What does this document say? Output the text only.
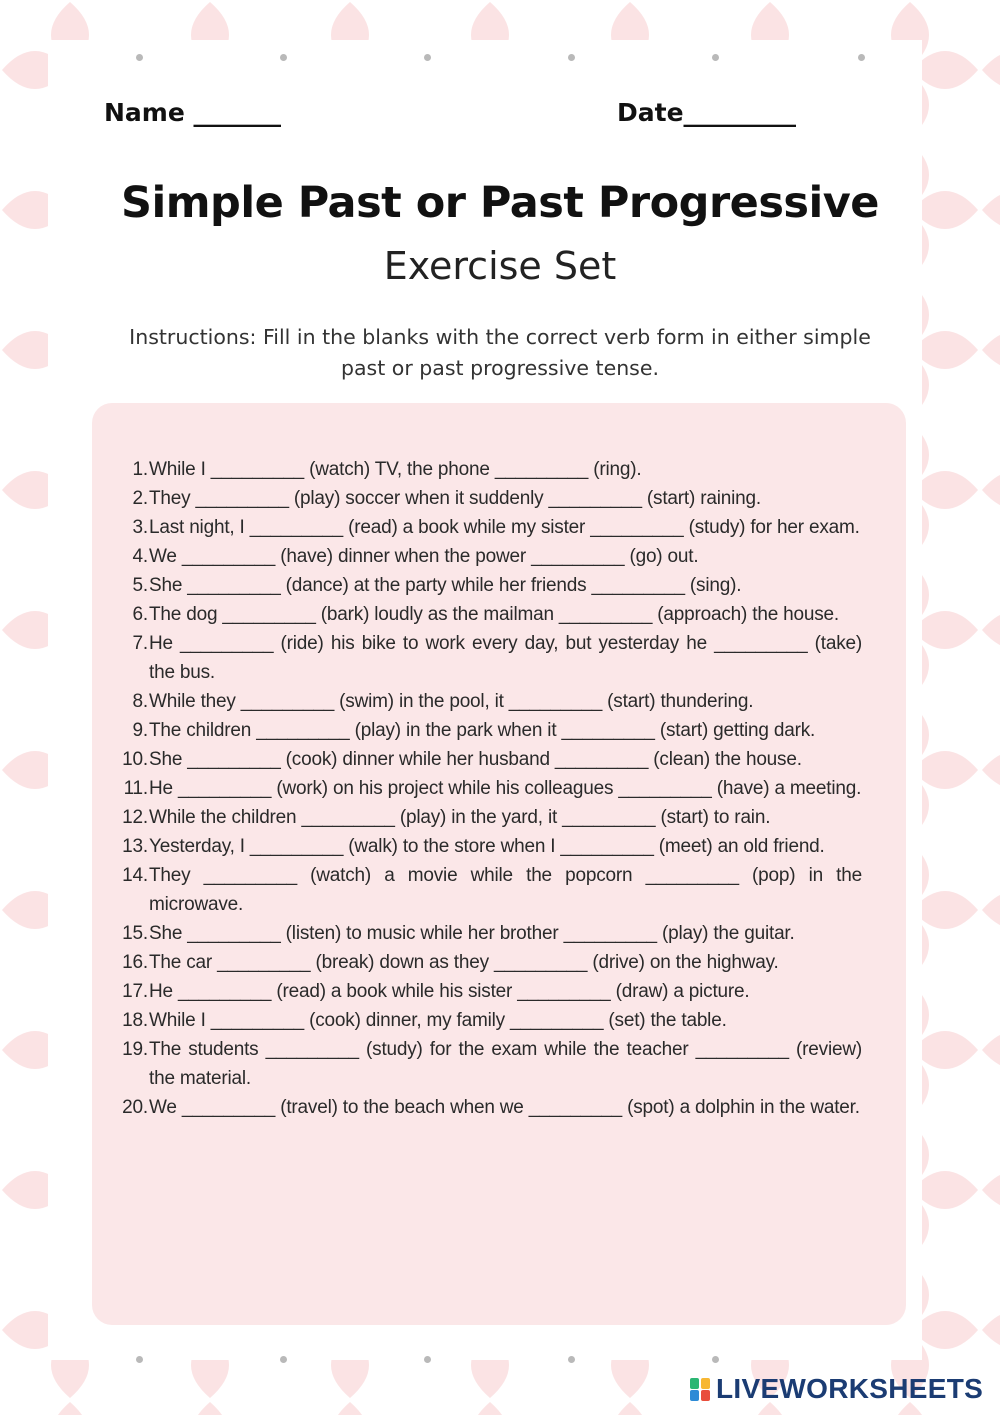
Name _______	Date_________
Simple Past or Past Progressive
Exercise Set
Instructions: Fill in the blanks with the correct verb form in either simple past or past progressive tense.
1. While I _________ (watch) TV, the phone _________ (ring).
2. They _________ (play) soccer when it suddenly _________ (start) raining.
3. Last night, I _________ (read) a book while my sister _________ (study) for her exam.
4. We _________ (have) dinner when the power _________ (go) out.
5. She _________ (dance) at the party while her friends _________ (sing).
6. The dog _________ (bark) loudly as the mailman _________ (approach) the house.
7. He _________ (ride) his bike to work every day, but yesterday he _________ (take) the bus.
8. While they _________ (swim) in the pool, it _________ (start) thundering.
9. The children _________ (play) in the park when it _________ (start) getting dark.
10. She _________ (cook) dinner while her husband _________ (clean) the house.
11. He _________ (work) on his project while his colleagues _________ (have) a meeting.
12. While the children _________ (play) in the yard, it _________ (start) to rain.
13. Yesterday, I _________ (walk) to the store when I _________ (meet) an old friend.
14. They _________ (watch) a movie while the popcorn _________ (pop) in the microwave.
15. She _________ (listen) to music while her brother _________ (play) the guitar.
16. The car _________ (break) down as they _________ (drive) on the highway.
17. He _________ (read) a book while his sister _________ (draw) a picture.
18. While I _________ (cook) dinner, my family _________ (set) the table.
19. The students _________ (study) for the exam while the teacher _________ (review) the material.
20. We _________ (travel) to the beach when we _________ (spot) a dolphin in the water.
LIVEWORKSHEETS
